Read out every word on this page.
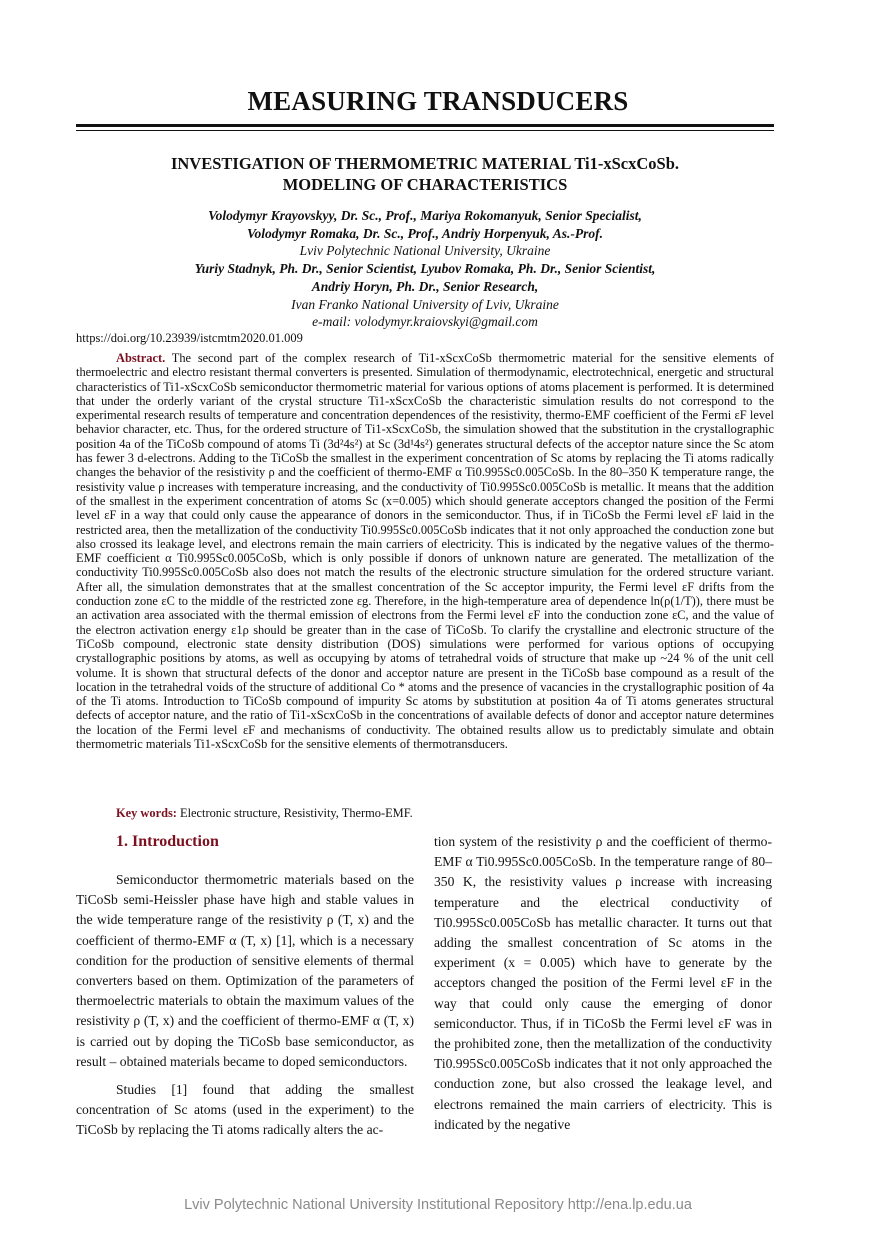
MEASURING TRANSDUCERS
INVESTIGATION OF THERMOMETRIC MATERIAL Ti1-xScxCoSb.
MODELING OF CHARACTERISTICS
Volodymyr Krayovskyy, Dr. Sc., Prof., Mariya Rokomanyuk, Senior Specialist,
Volodymyr Romaka, Dr. Sc., Prof., Andriy Horpenyuk, As.-Prof.
Lviv Polytechnic National University, Ukraine
Yuriy Stadnyk, Ph. Dr., Senior Scientist, Lyubov Romaka, Ph. Dr., Senior Scientist,
Andriy Horyn, Ph. Dr., Senior Research,
Ivan Franko National University of Lviv, Ukraine
e-mail: volodymyr.kraiovskyi@gmail.com
https://doi.org/10.23939/istcmtm2020.01.009
Abstract. The second part of the complex research of Ti1-xScxCoSb thermometric material for the sensitive elements of thermoelectric and electro resistant thermal converters is presented. Simulation of thermodynamic, electrotechnical, energetic and structural characteristics of Ti1-xScxCoSb semiconductor thermometric material for various options of atoms placement is performed. It is determined that under the orderly variant of the crystal structure Ti1-xScxCoSb the characteristic simulation results do not correspond to the experimental research results of temperature and concentration dependences of the resistivity, thermo-EMF coefficient of the Fermi εF level behavior character, etc. Thus, for the ordered structure of Ti1-xScxCoSb, the simulation showed that the substitution in the crystallographic position 4a of the TiCoSb compound of atoms Ti (3d²4s²) at Sc (3d¹4s²) generates structural defects of the acceptor nature since the Sc atom has fewer 3 d-electrons. Adding to the TiCoSb the smallest in the experiment concentration of Sc atoms by replacing the Ti atoms radically changes the behavior of the resistivity ρ and the coefficient of thermo-EMF α Ti0.995Sc0.005CoSb. In the 80–350 K temperature range, the resistivity value ρ increases with temperature increasing, and the conductivity of Ti0.995Sc0.005CoSb is metallic. It means that the addition of the smallest in the experiment concentration of atoms Sc (x=0.005) which should generate acceptors changed the position of the Fermi level εF in a way that could only cause the appearance of donors in the semiconductor. Thus, if in TiCoSb the Fermi level εF laid in the restricted area, then the metallization of the conductivity Ti0.995Sc0.005CoSb indicates that it not only approached the conduction zone but also crossed its leakage level, and electrons remain the main carriers of electricity. This is indicated by the negative values of the thermo-EMF coefficient α Ti0.995Sc0.005CoSb, which is only possible if donors of unknown nature are generated. The metallization of the conductivity Ti0.995Sc0.005CoSb also does not match the results of the electronic structure simulation for the ordered structure variant. After all, the simulation demonstrates that at the smallest concentration of the Sc acceptor impurity, the Fermi level εF drifts from the conduction zone εC to the middle of the restricted zone εg. Therefore, in the high-temperature area of dependence ln(ρ(1/T)), there must be an activation area associated with the thermal emission of electrons from the Fermi level εF into the conduction zone εC, and the value of the electron activation energy ε1ρ should be greater than in the case of TiCoSb. To clarify the crystalline and electronic structure of the TiCoSb compound, electronic state density distribution (DOS) simulations were performed for various options of occupying crystallographic positions by atoms, as well as occupying by atoms of tetrahedral voids of structure that make up ~24 % of the unit cell volume. It is shown that structural defects of the donor and acceptor nature are present in the TiCoSb base compound as a result of the location in the tetrahedral voids of the structure of additional Co * atoms and the presence of vacancies in the crystallographic position of 4a of the Ti atoms. Introduction to TiCoSb compound of impurity Sc atoms by substitution at position 4a of Ti atoms generates structural defects of acceptor nature, and the ratio of Ti1-xScxCoSb in the concentrations of available defects of donor and acceptor nature determines the location of the Fermi level εF and mechanisms of conductivity. The obtained results allow us to predictably simulate and obtain thermometric materials Ti1-xScxCoSb for the sensitive elements of thermotransducers.
Key words: Electronic structure, Resistivity, Thermo-EMF.
1. Introduction

Semiconductor thermometric materials based on the TiCoSb semi-Heissler phase have high and stable values in the wide temperature range of the resistivity ρ (T, x) and the coefficient of thermo-EMF α (T, x) [1], which is a necessary condition for the production of sensitive elements of thermal converters based on them. Optimization of the parameters of thermoelectric materials to obtain the maximum values of the resistivity ρ (T, x) and the coefficient of thermo-EMF α (T, x) is carried out by doping the TiCoSb base semiconductor, as result – obtained materials became to doped semiconductors.

Studies [1] found that adding the smallest concentration of Sc atoms (used in the experiment) to the TiCoSb by replacing the Ti atoms radically alters the ac-

tion system of the resistivity ρ and the coefficient of thermo-EMF α Ti0.995Sc0.005CoSb. In the temperature range of 80–350 K, the resistivity values ρ increase with increasing temperature and the electrical conductivity of Ti0.995Sc0.005CoSb has metallic character. It turns out that adding the smallest concentration of Sc atoms in the experiment (x = 0.005) which have to generate by the acceptors changed the position of the Fermi level εF in the way that could only cause the emerging of donor semiconductor. Thus, if in TiCoSb the Fermi level εF was in the prohibited zone, then the metallization of the conductivity Ti0.995Sc0.005CoSb indicates that it not only approached the conduction zone, but also crossed the leakage level, and electrons remained the main carriers of electricity. This is indicated by the negative

Lviv Polytechnic National University Institutional Repository http://ena.lp.edu.ua
